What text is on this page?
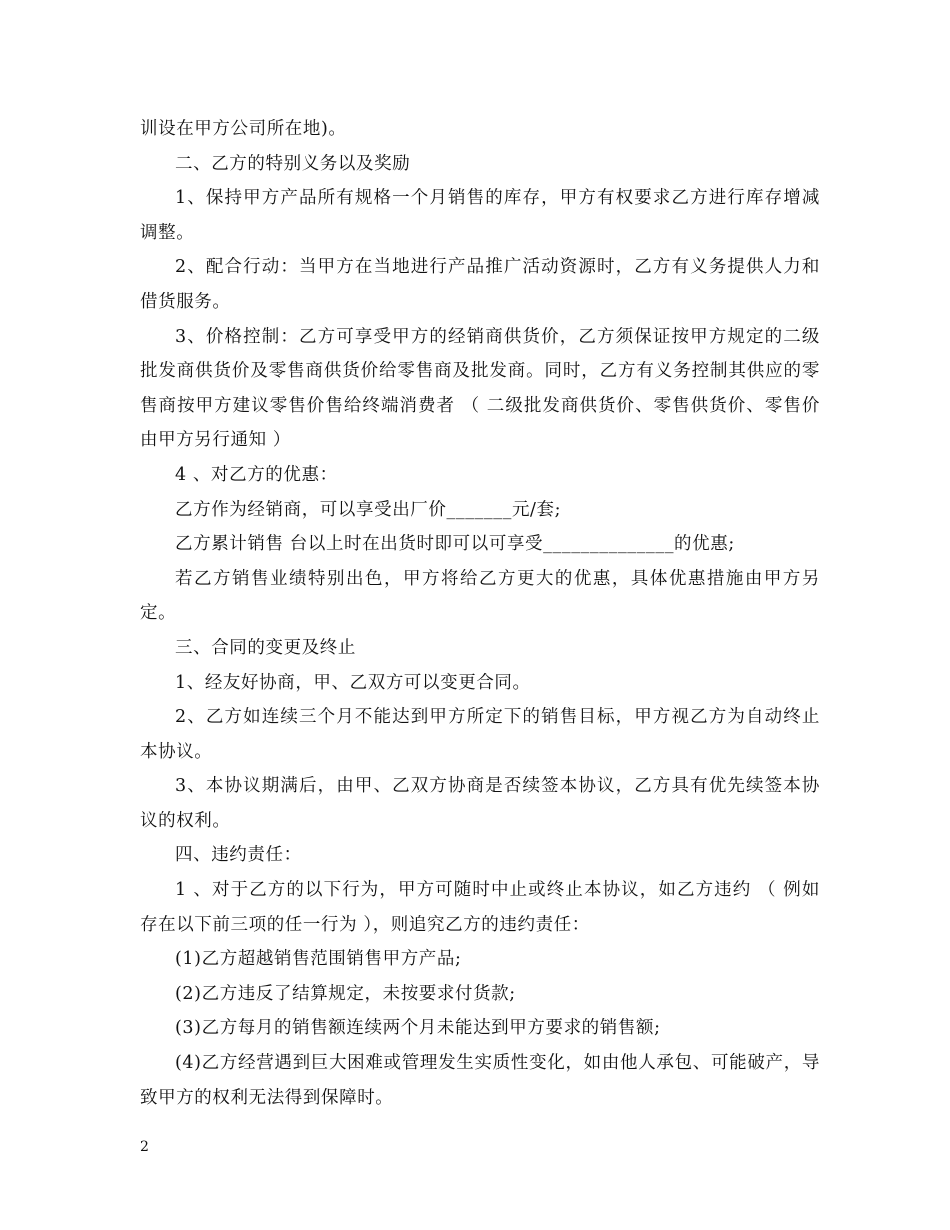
训设在甲方公司所在地)。

二、乙方的特别义务以及奖励

1、保持甲方产品所有规格一个月销售的库存，甲方有权要求乙方进行库存增减调整。

2、配合行动：当甲方在当地进行产品推广活动资源时，乙方有义务提供人力和借货服务。

3、价格控制：乙方可享受甲方的经销商供货价，乙方须保证按甲方规定的二级批发商供货价及零售商供货价给零售商及批发商。同时，乙方有义务控制其供应的零售商按甲方建议零售价售给终端消费者 （ 二级批发商供货价、零售供货价、零售价由甲方另行通知 ）

4 、对乙方的优惠：

乙方作为经销商，可以享受出厂价_______元/套;

乙方累计销售 台以上时在出货时即可以可享受______________的优惠;

若乙方销售业绩特别出色，甲方将给乙方更大的优惠，具体优惠措施由甲方另定。

三、合同的变更及终止

1、经友好协商，甲、乙双方可以变更合同。

2、乙方如连续三个月不能达到甲方所定下的销售目标，甲方视乙方为自动终止本协议。

3、本协议期满后，由甲、乙双方协商是否续签本协议，乙方具有优先续签本协议的权利。

四、违约责任：

1 、对于乙方的以下行为，甲方可随时中止或终止本协议，如乙方违约 （ 例如存在以下前三项的任一行为 ），则追究乙方的违约责任：

(1)乙方超越销售范围销售甲方产品;

(2)乙方违反了结算规定，未按要求付货款;

(3)乙方每月的销售额连续两个月未能达到甲方要求的销售额;

(4)乙方经营遇到巨大困难或管理发生实质性变化，如由他人承包、可能破产，导致甲方的权利无法得到保障时。

2
